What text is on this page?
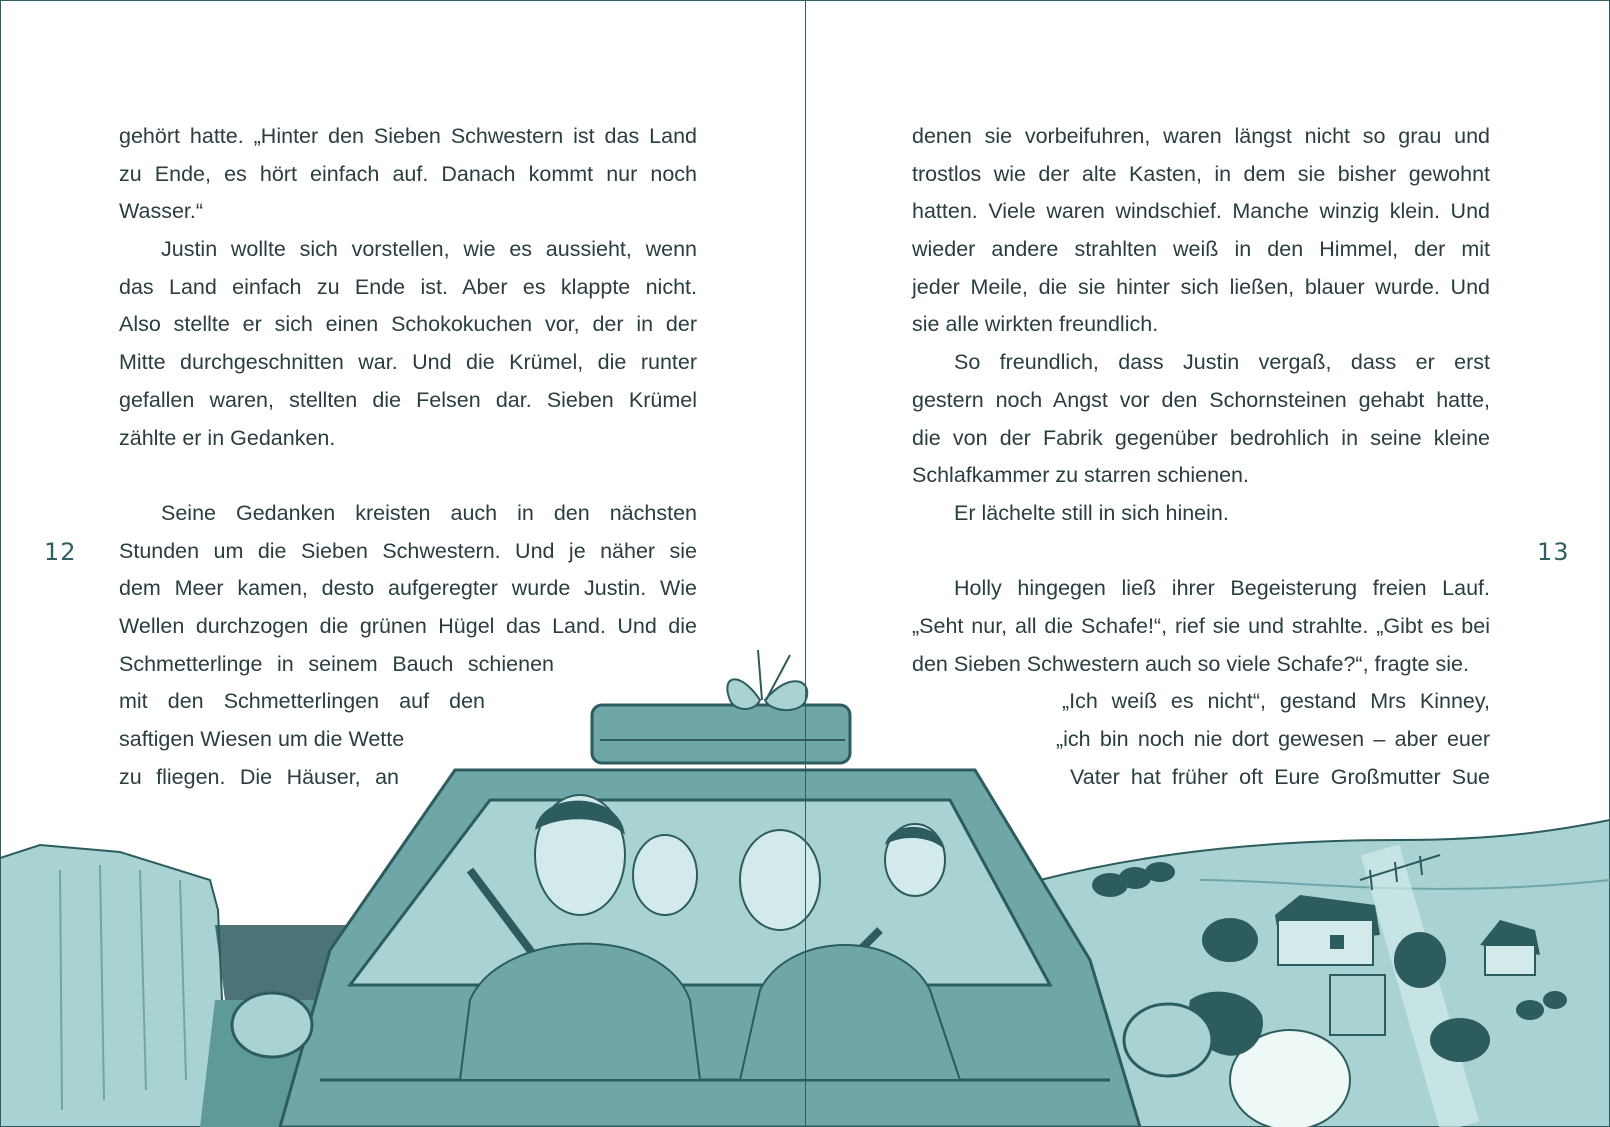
gehört hatte. „Hinter den Sieben Schwestern ist das Land
zu Ende, es hört einfach auf. Danach kommt nur noch
Wasser.“
Justin wollte sich vorstellen, wie es aussieht, wenn
das Land einfach zu Ende ist. Aber es klappte nicht.
Also stellte er sich einen Schokokuchen vor, der in der
Mitte durchgeschnitten war. Und die Krümel, die runter
gefallen waren, stellten die Felsen dar. Sieben Krümel
zählte er in Gedanken.
Seine Gedanken kreisten auch in den nächsten
Stunden um die Sieben Schwestern. Und je näher sie
dem Meer kamen, desto aufgeregter wurde Justin. Wie
Wellen durchzogen die grünen Hügel das Land. Und die
Schmetterlinge in seinem Bauch schienen
mit den Schmetterlingen auf den
saftigen Wiesen um die Wette
zu fliegen. Die Häuser, an
denen sie vorbeifuhren, waren längst nicht so grau und
trostlos wie der alte Kasten, in dem sie bisher gewohnt
hatten. Viele waren windschief. Manche winzig klein. Und
wieder andere strahlten weiß in den Himmel, der mit
jeder Meile, die sie hinter sich ließen, blauer wurde. Und
sie alle wirkten freundlich.
So freundlich, dass Justin vergaß, dass er erst
gestern noch Angst vor den Schornsteinen gehabt hatte,
die von der Fabrik gegenüber bedrohlich in seine kleine
Schlafkammer zu starren schienen.
Er lächelte still in sich hinein.
Holly hingegen ließ ihrer Begeisterung freien Lauf.
„Seht nur, all die Schafe!“, rief sie und strahlte. „Gibt es bei
den Sieben Schwestern auch so viele Schafe?“, fragte sie.
„Ich weiß es nicht“, gestand Mrs Kinney,
„ich bin noch nie dort gewesen – aber euer
Vater hat früher oft Eure Großmutter Sue
12	13
